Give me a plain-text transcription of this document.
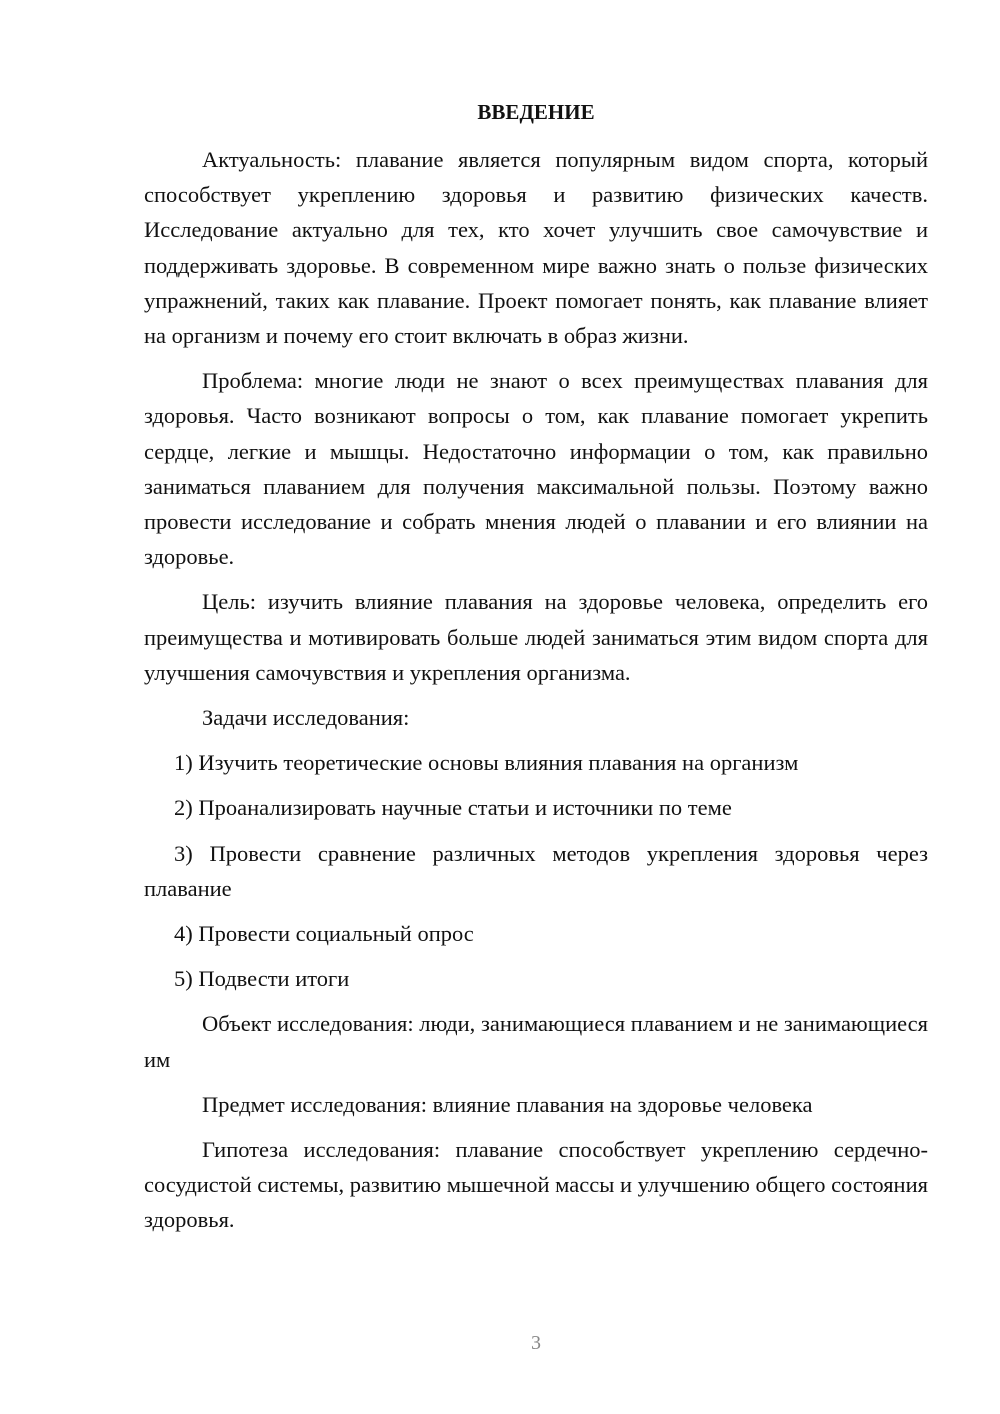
ВВЕДЕНИЕ

Актуальность: плавание является популярным видом спорта, который способствует укреплению здоровья и развитию физических качеств. Исследование актуально для тех, кто хочет улучшить свое самочувствие и поддерживать здоровье. В современном мире важно знать о пользе физических упражнений, таких как плавание. Проект помогает понять, как плавание влияет на организм и почему его стоит включать в образ жизни.

Проблема: многие люди не знают о всех преимуществах плавания для здоровья. Часто возникают вопросы о том, как плавание помогает укрепить сердце, легкие и мышцы. Недостаточно информации о том, как правильно заниматься плаванием для получения максимальной пользы. Поэтому важно провести исследование и собрать мнения людей о плавании и его влиянии на здоровье.

Цель: изучить влияние плавания на здоровье человека, определить его преимущества и мотивировать больше людей заниматься этим видом спорта для улучшения самочувствия и укрепления организма.

Задачи исследования:

1) Изучить теоретические основы влияния плавания на организм

2) Проанализировать научные статьи и источники по теме

3) Провести сравнение различных методов укрепления здоровья через плавание

4) Провести социальный опрос

5) Подвести итоги

Объект исследования: люди, занимающиеся плаванием и не занимающиеся им

Предмет исследования: влияние плавания на здоровье человека

Гипотеза исследования: плавание способствует укреплению сердечно-сосудистой системы, развитию мышечной массы и улучшению общего состояния здоровья.

3
